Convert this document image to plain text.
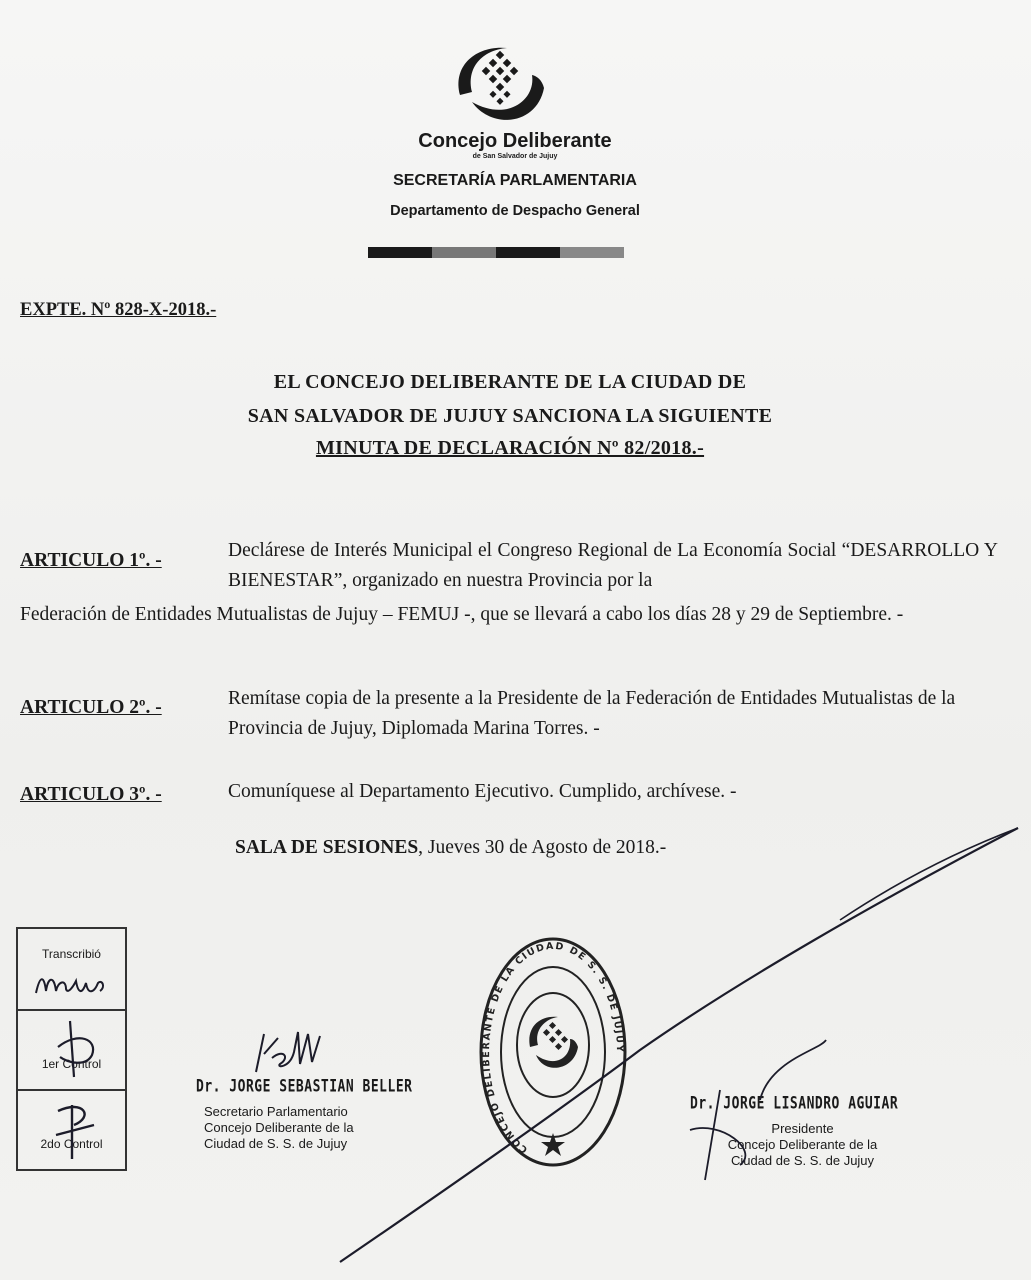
Concejo Deliberante
de San Salvador de Jujuy
SECRETARÍA PARLAMENTARIA
Departamento de Despacho General
EXPTE. Nº 828-X-2018.-
EL CONCEJO DELIBERANTE DE LA CIUDAD DE
SAN SALVADOR DE JUJUY SANCIONA LA SIGUIENTE
MINUTA DE DECLARACIÓN Nº 82/2018.-
ARTICULO 1º. -	Declárese de Interés Municipal el Congreso Regional de La Economía Social “DESARROLLO Y BIENESTAR”, organizado en nuestra Provincia por la
Federación de Entidades Mutualistas de Jujuy – FEMUJ -, que se llevará a cabo los días 28 y 29 de Septiembre. -
ARTICULO 2º. -	Remítase copia de la presente a la Presidente de la Federación de Entidades Mutualistas de la Provincia de Jujuy, Diplomada Marina Torres. -
ARTICULO 3º. -	Comuníquese al Departamento Ejecutivo. Cumplido, archívese. -
SALA DE SESIONES, Jueves 30 de Agosto de 2018.-
Transcribió
1er Control
2do Control
Dr. JORGE SEBASTIAN BELLER
Secretario Parlamentario
Concejo Deliberante de la
Ciudad de S. S. de Jujuy	CONCEJO DELIBERANTE DE LA CIUDAD DE S. S. DE JUJUY
Dr. JORGE LISANDRO AGUIAR
Presidente
Concejo Deliberante de la
Ciudad de S. S. de Jujuy
